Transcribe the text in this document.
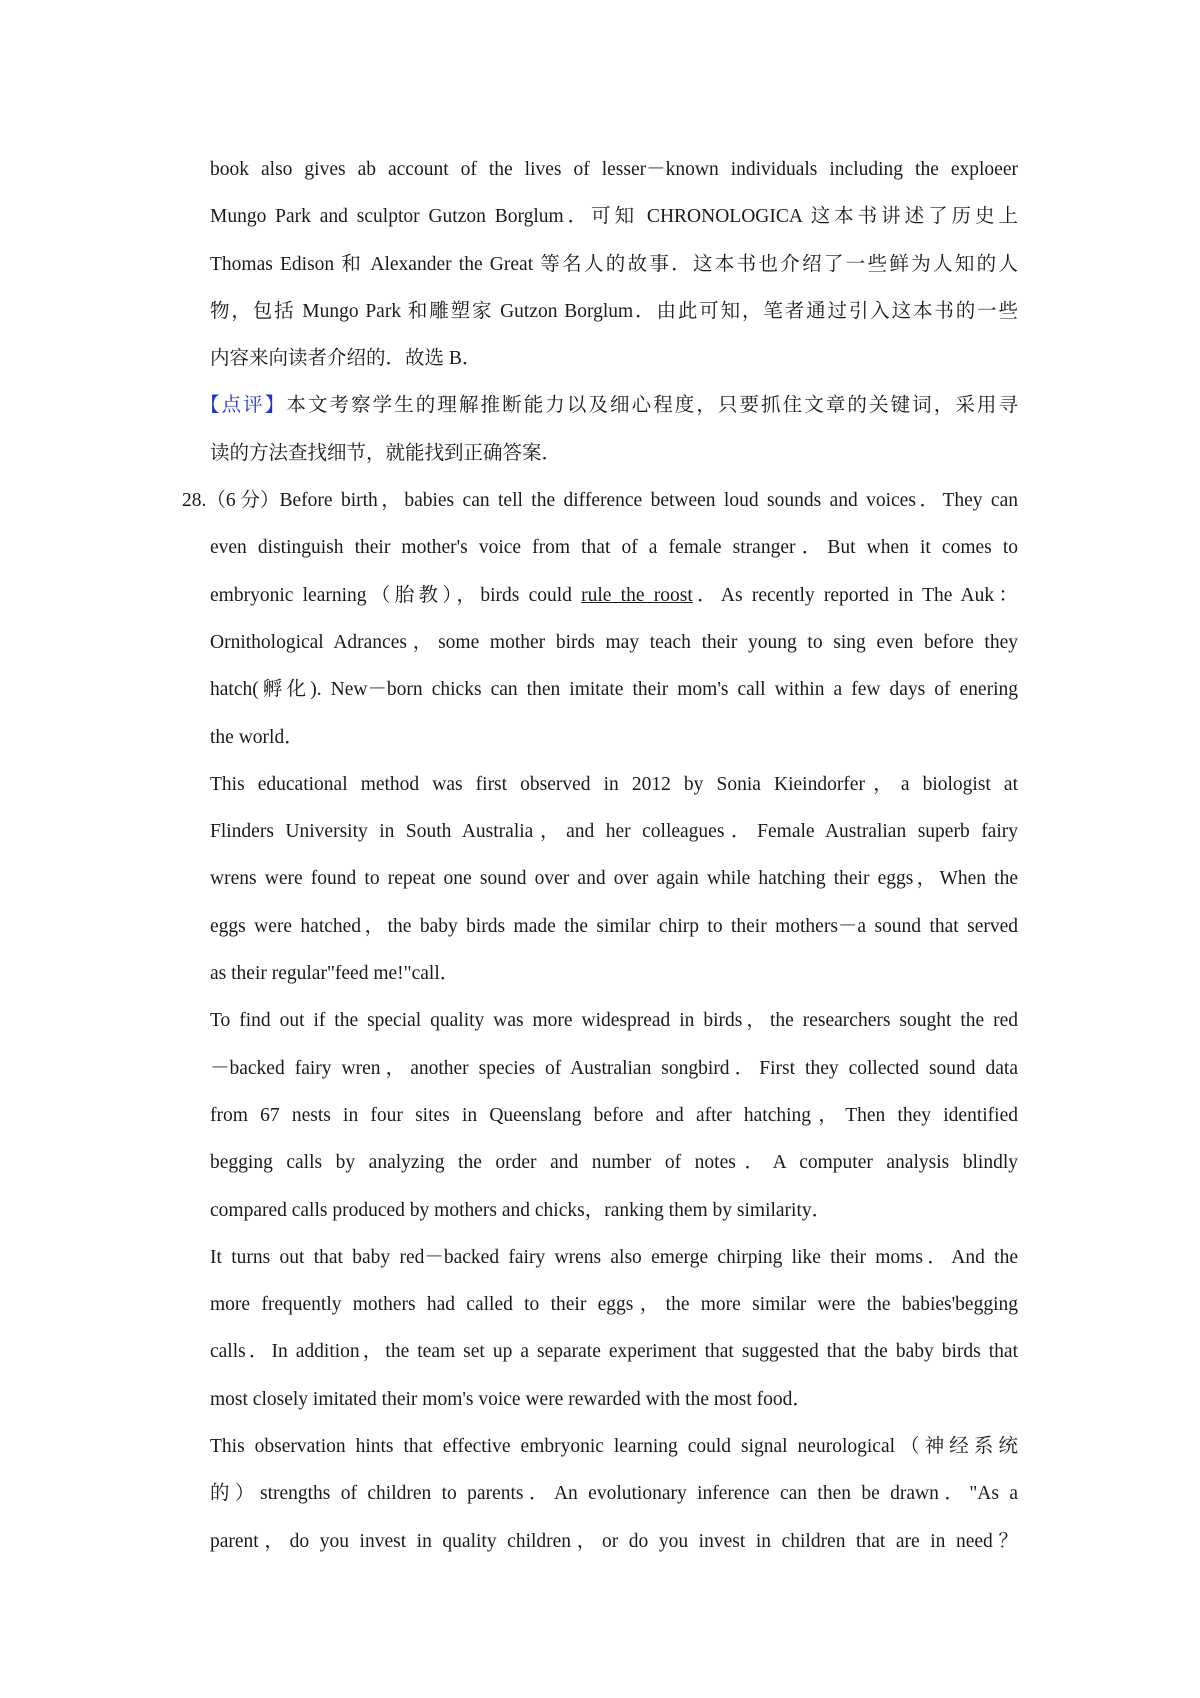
book also gives ab account of the lives of lesser－known individuals including the exploeer
Mungo Park and sculptor Gutzon Borglum．可知 CHRONOLOGICA 这本书讲述了历史上
Thomas Edison 和 Alexander the Great 等名人的故事．这本书也介绍了一些鲜为人知的人
物，包括 Mungo Park 和雕塑家 Gutzon Borglum．由此可知，笔者通过引入这本书的一些
内容来向读者介绍的．故选 B．
【点评】本文考察学生的理解推断能力以及细心程度，只要抓住文章的关键词，采用寻
读的方法查找细节，就能找到正确答案．
28.（6 分）Before birth，babies can tell the difference between loud sounds and voices．They can
even distinguish their mother's voice from that of a female stranger．But when it comes to
embryonic learning（胎教），birds could rule the roost．As recently reported in The Auk：
Ornithological Adrances，some mother birds may teach their young to sing even before they
hatch(孵化). New－born chicks can then imitate their mom's call within a few days of enering
the world．
This educational method was first observed in 2012 by Sonia Kieindorfer，a biologist at
Flinders University in South Australia，and her colleagues．Female Australian superb fairy
wrens were found to repeat one sound over and over again while hatching their eggs，When the
eggs were hatched，the baby birds made the similar chirp to their mothers－a sound that served
as their regular"feed me!"call．
To find out if the special quality was more widespread in birds，the researchers sought the red
－backed fairy wren，another species of Australian songbird．First they collected sound data
from 67 nests in four sites in Queenslang before and after hatching，Then they identified
begging calls by analyzing the order and number of notes．A computer analysis blindly
compared calls produced by mothers and chicks，ranking them by similarity．
It turns out that baby red－backed fairy wrens also emerge chirping like their moms．And the
more frequently mothers had called to their eggs，the more similar were the babies'begging
calls．In addition，the team set up a separate experiment that suggested that the baby birds that
most closely imitated their mom's voice were rewarded with the most food．
This observation hints that effective embryonic learning could signal neurological（神经系统
的）strengths of children to parents．An evolutionary inference can then be drawn．"As a
parent，do you invest in quality children，or do you invest in children that are in need？
